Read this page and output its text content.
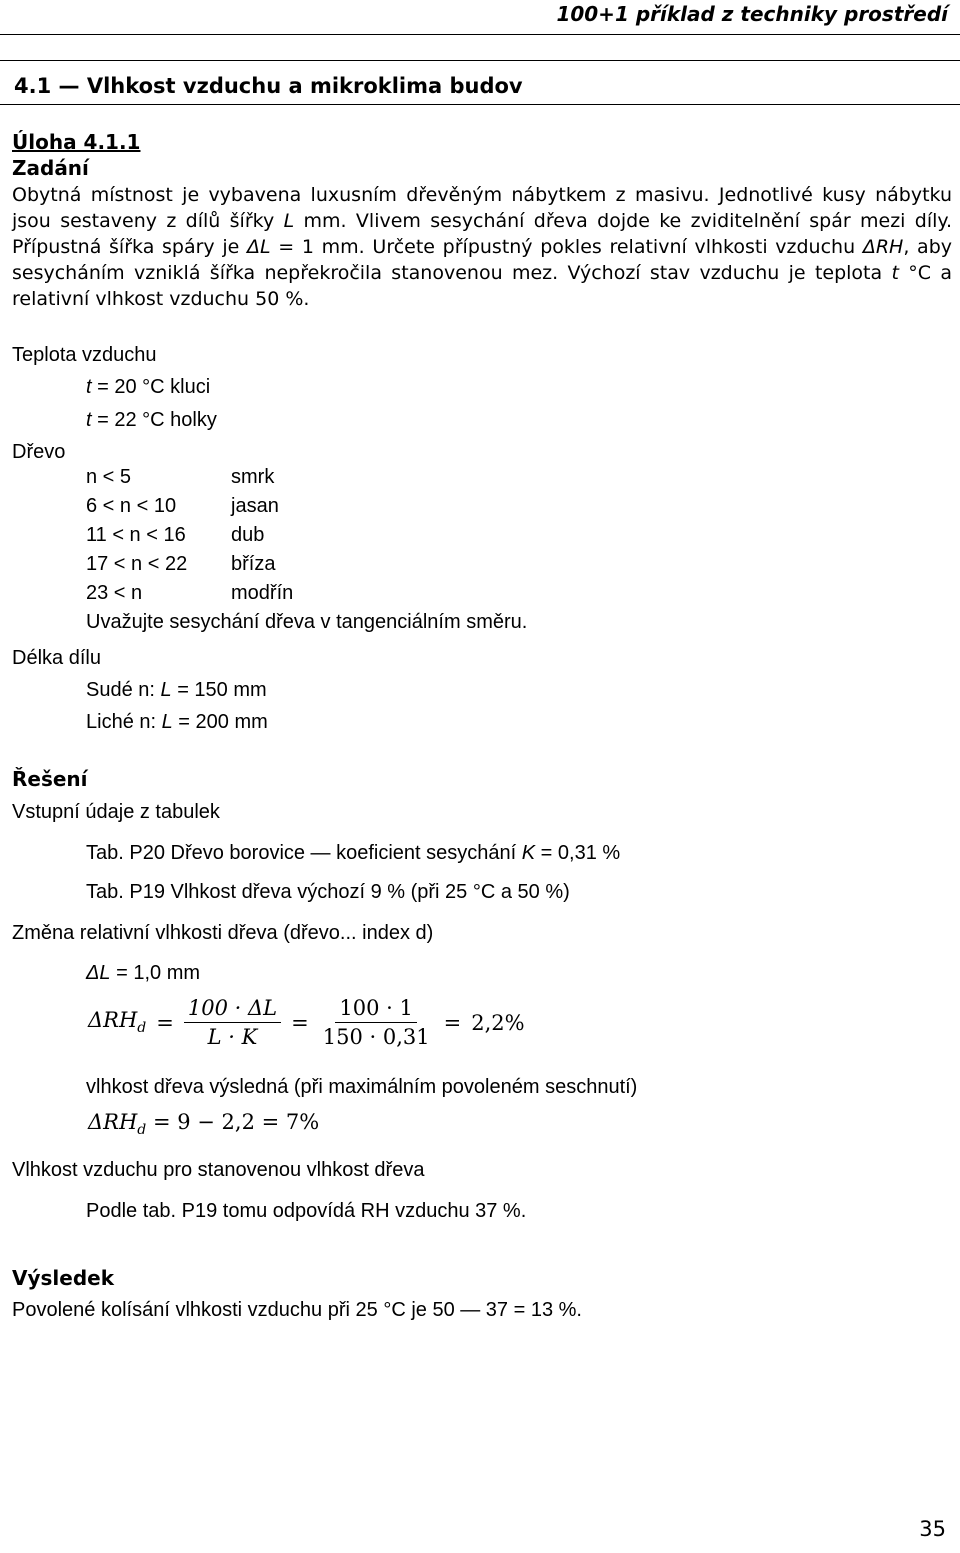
100+1 příklad z techniky prostředí
4.1 — Vlhkost vzduchu a mikroklima budov
Úloha 4.1.1
Zadání

Obytná místnost je vybavena luxusním dřevěným nábytkem z masivu. Jednotlivé kusy nábytku jsou sestaveny z dílů šířky L mm. Vlivem sesychání dřeva dojde ke zviditelnění spár mezi díly. Přípustná šířka spáry je ΔL = 1 mm. Určete přípustný pokles relativní vlhkosti vzduchu ΔRH, aby sesycháním vzniklá šířka nepřekročila stanovenou mez. Výchozí stav vzduchu je teplota t °C a relativní vlhkost vzduchu 50 %.

Teplota vzduchu
t = 20 °C kluci
t = 22 °C holky
Dřevo
n < 5	smrk
6 < n < 10	jasan
11 < n < 16 dub
17 < n < 22 bříza
23 < n	modřín
Uvažujte sesychání dřeva v tangenciálním směru.
Délka dílu
Sudé n: L = 150 mm
Liché n: L = 200 mm
Řešení
Vstupní údaje z tabulek
Tab. P20 Dřevo borovice — koeficient sesychání K = 0,31 %
Tab. P19 Vlhkost dřeva výchozí 9 % (při 25 °C a 50 %)
Změna relativní vlhkosti dřeva (dřevo... index d)
ΔL = 1,0 mm
$\Delta RH_d = \frac{100 \cdot \Delta L}{L \cdot K} = \frac{100 \cdot 1}{150 \cdot 0,31} = 2,2\%$
vlhkost dřeva výsledná (při maximálním povoleném seschnutí)
$\Delta RH_d = 9 - 2,2 = 7\%$
Vlhkost vzduchu pro stanovenou vlhkost dřeva
Podle tab. P19 tomu odpovídá RH vzduchu 37 %.
Výsledek
Povolené kolísání vlhkosti vzduchu při 25 °C je 50 — 37 = 13 %.
35
